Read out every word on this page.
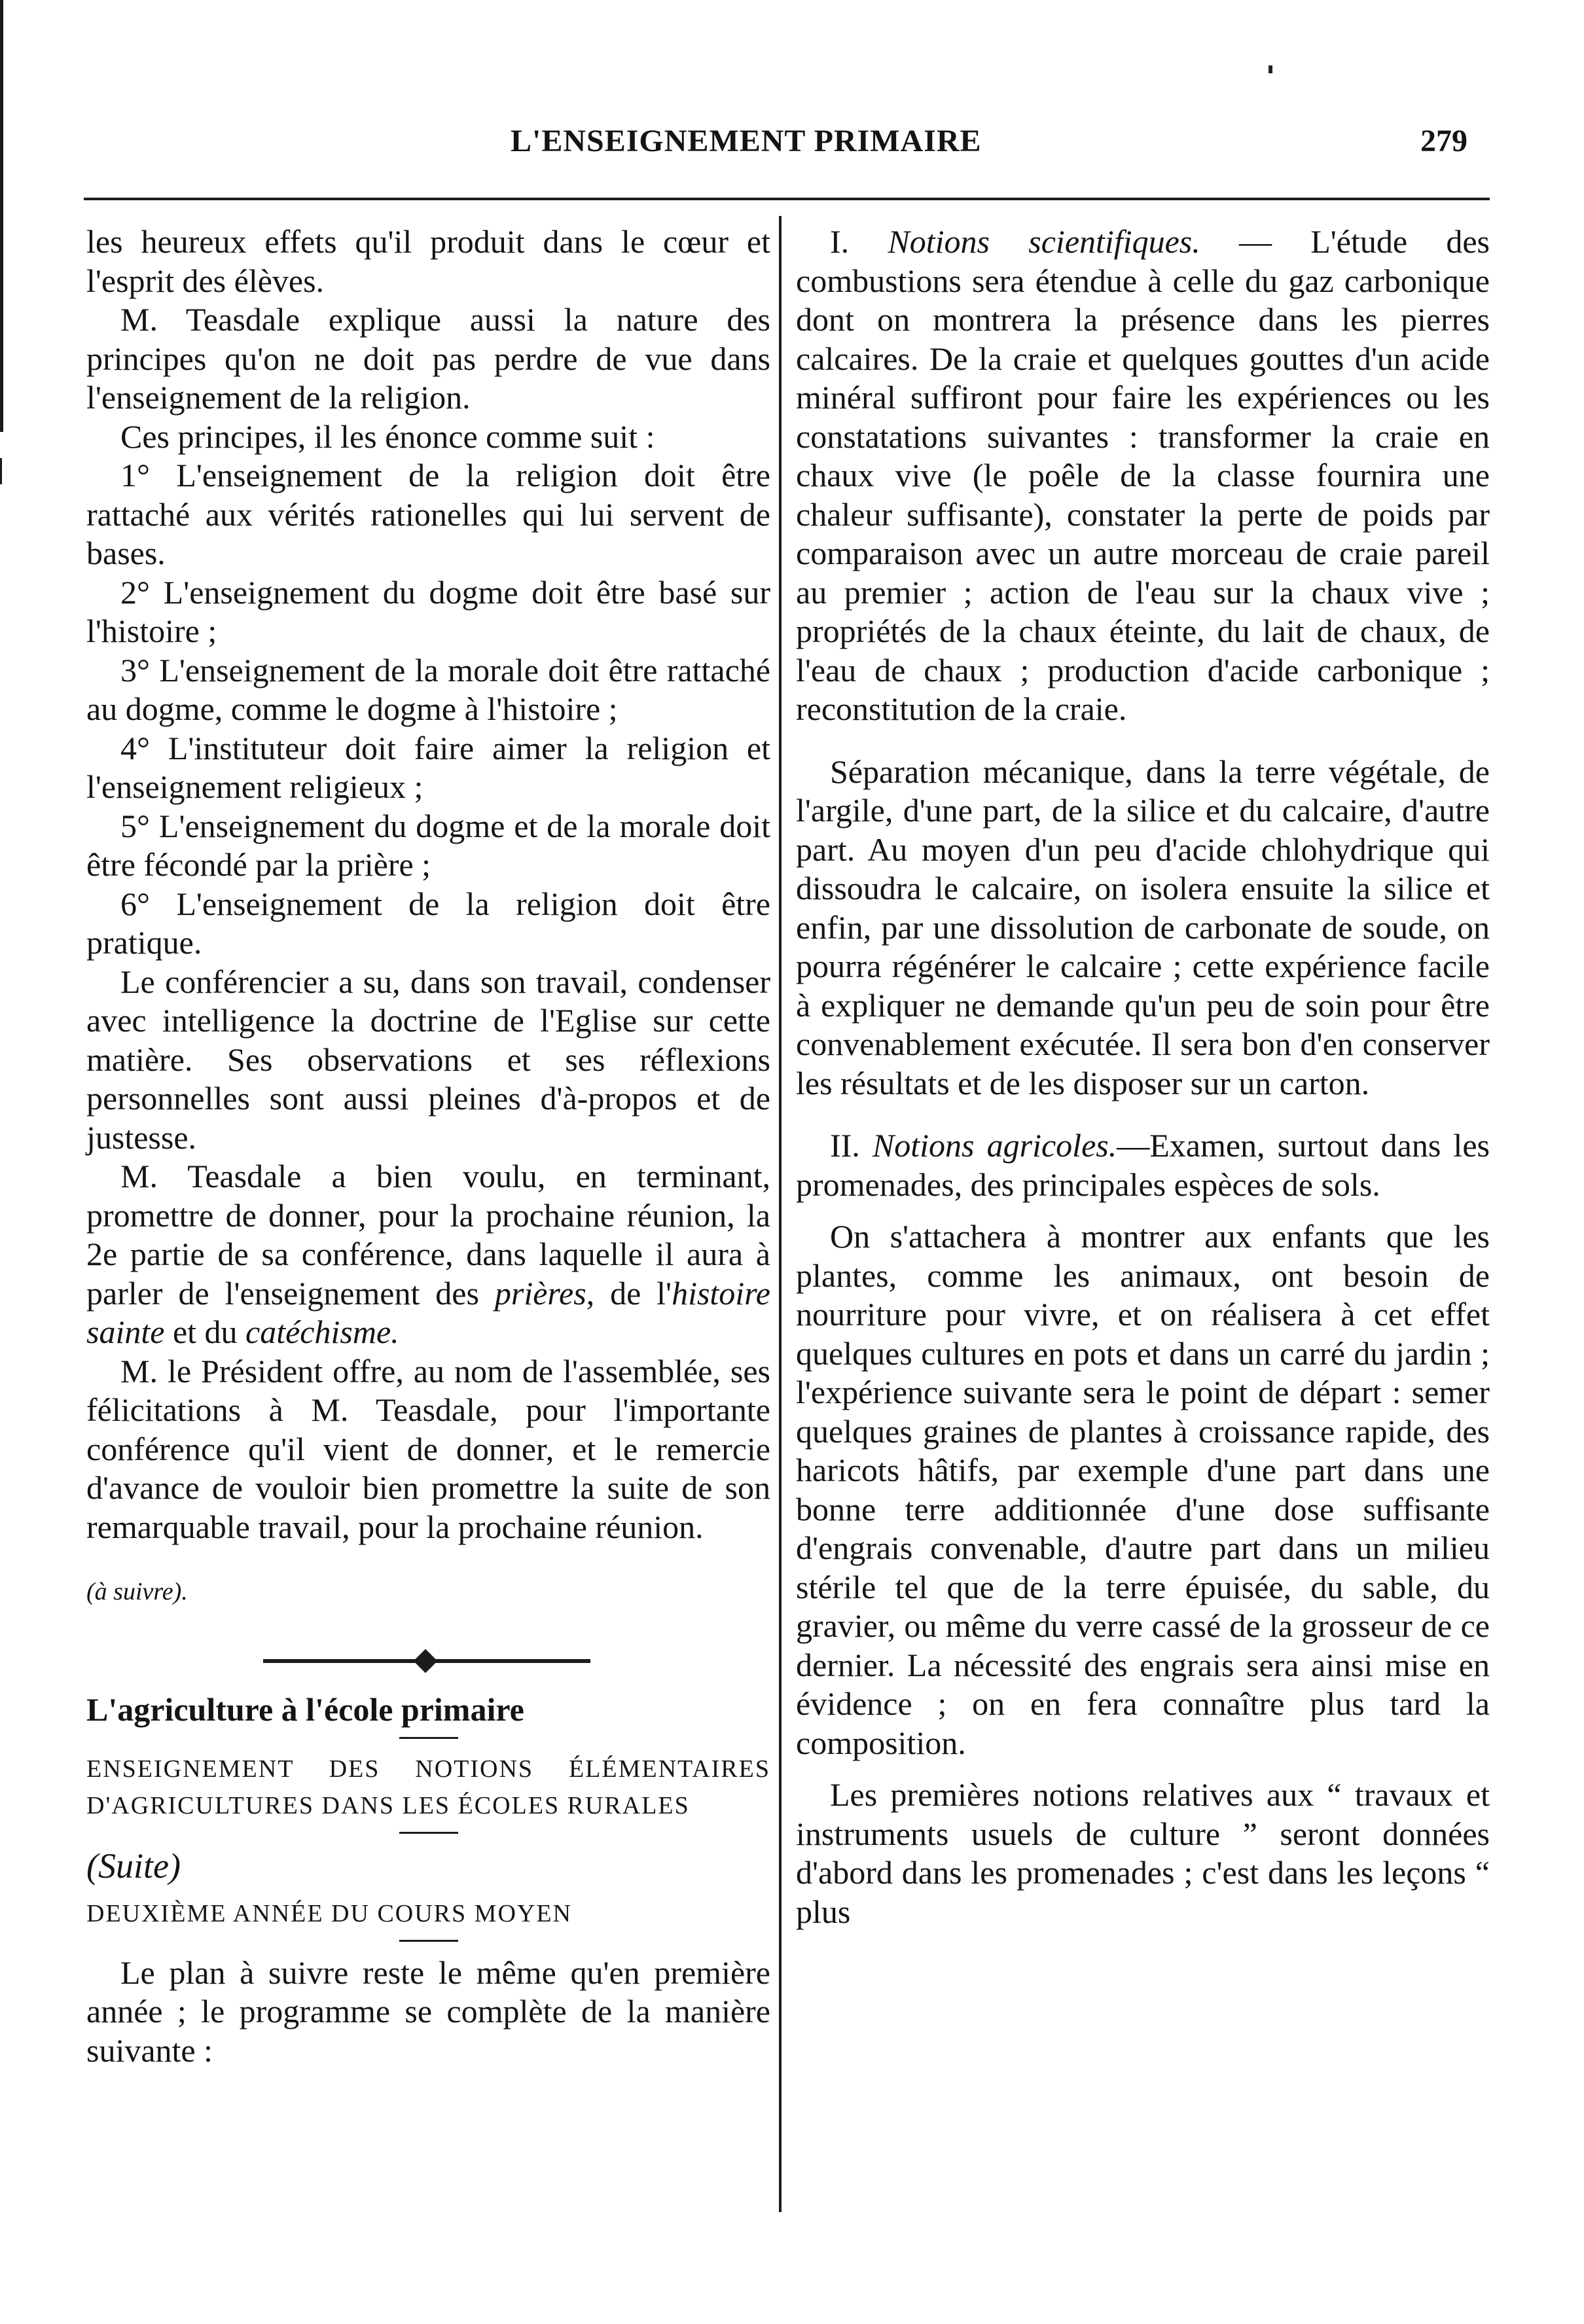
L'ENSEIGNEMENT PRIMAIRE	279

les heureux effets qu'il produit dans le cœur et l'esprit des élèves.

M. Teasdale explique aussi la nature des principes qu'on ne doit pas perdre de vue dans l'enseignement de la religion.

Ces principes, il les énonce comme suit :

1° L'enseignement de la religion doit être rattaché aux vérités rationelles qui lui servent de bases.

2° L'enseignement du dogme doit être basé sur l'histoire ;

3° L'enseignement de la morale doit être rattaché au dogme, comme le dogme à l'histoire ;

4° L'instituteur doit faire aimer la religion et l'enseignement religieux ;

5° L'enseignement du dogme et de la morale doit être fécondé par la prière ;

6° L'enseignement de la religion doit être pratique.

Le conférencier a su, dans son travail, condenser avec intelligence la doctrine de l'Eglise sur cette matière. Ses observations et ses réflexions personnelles sont aussi pleines d'à-propos et de justesse.

M. Teasdale a bien voulu, en terminant, promettre de donner, pour la prochaine réunion, la 2e partie de sa conférence, dans laquelle il aura à parler de l'enseignement des prières, de l'histoire sainte et du catéchisme.

M. le Président offre, au nom de l'assemblée, ses félicitations à M. Teasdale, pour l'importante conférence qu'il vient de donner, et le remercie d'avance de vouloir bien promettre la suite de son remarquable travail, pour la prochaine réunion.

(à suivre).

L'agriculture à l'école primaire

ENSEIGNEMENT DES NOTIONS ÉLÉMENTAIRES D'AGRICULTURES DANS LES ÉCOLES RURALES

(Suite)

DEUXIÈME ANNÉE DU COURS MOYEN

Le plan à suivre reste le même qu'en première année ; le programme se complète de la manière suivante :

I. Notions scientifiques. — L'étude des combustions sera étendue à celle du gaz carbonique dont on montrera la présence dans les pierres calcaires. De la craie et quelques gouttes d'un acide minéral suffiront pour faire les expériences ou les constatations suivantes : transformer la craie en chaux vive (le poêle de la classe fournira une chaleur suffisante), constater la perte de poids par comparaison avec un autre morceau de craie pareil au premier ; action de l'eau sur la chaux vive ; propriétés de la chaux éteinte, du lait de chaux, de l'eau de chaux ; production d'acide carbonique ; reconstitution de la craie.

Séparation mécanique, dans la terre végétale, de l'argile, d'une part, de la silice et du calcaire, d'autre part. Au moyen d'un peu d'acide chlohydrique qui dissoudra le calcaire, on isolera ensuite la silice et enfin, par une dissolution de carbonate de soude, on pourra régénérer le calcaire ; cette expérience facile à expliquer ne demande qu'un peu de soin pour être convenablement exécutée. Il sera bon d'en conserver les résultats et de les disposer sur un carton.

II. Notions agricoles.—Examen, surtout dans les promenades, des principales espèces de sols.

On s'attachera à montrer aux enfants que les plantes, comme les animaux, ont besoin de nourriture pour vivre, et on réalisera à cet effet quelques cultures en pots et dans un carré du jardin ; l'expérience suivante sera le point de départ : semer quelques graines de plantes à croissance rapide, des haricots hâtifs, par exemple d'une part dans une bonne terre additionnée d'une dose suffisante d'engrais convenable, d'autre part dans un milieu stérile tel que de la terre épuisée, du sable, du gravier, ou même du verre cassé de la grosseur de ce dernier. La nécessité des engrais sera ainsi mise en évidence ; on en fera connaître plus tard la composition.

Les premières notions relatives aux “ travaux et instruments usuels de culture ” seront données d'abord dans les promenades ; c'est dans les leçons “ plus
